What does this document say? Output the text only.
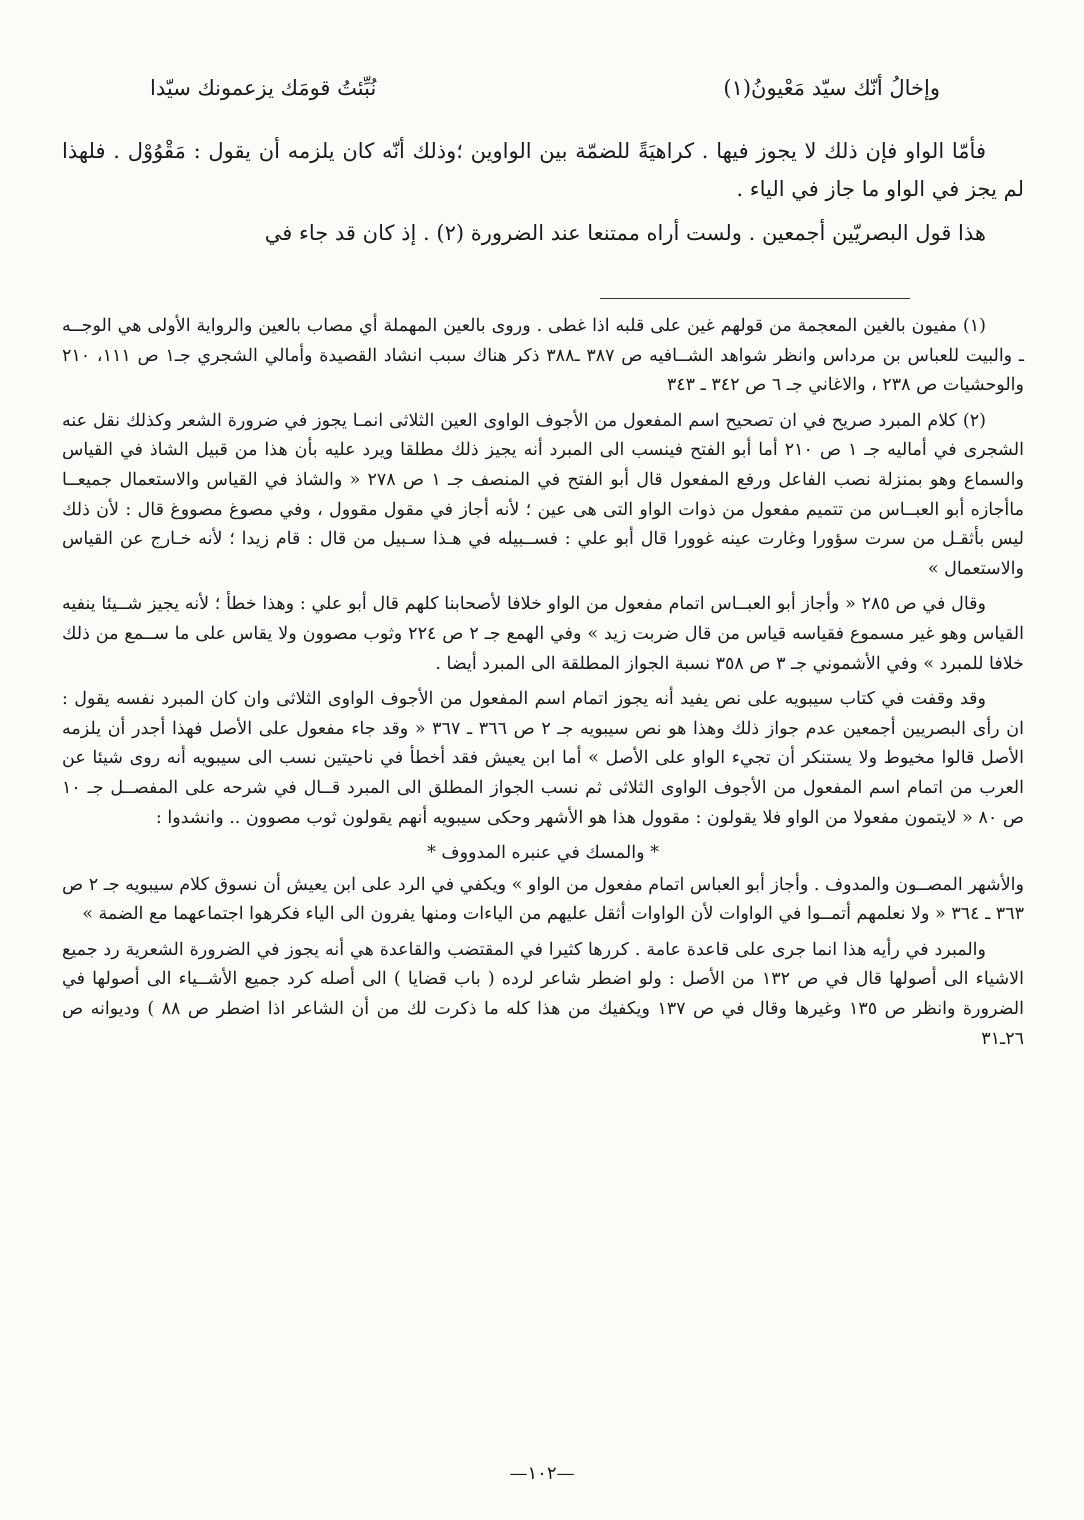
نُبِّئتُ قومَك يزعمونك سيّدا	وإخالُ أنّك سيّد مَعْيونُ(١)

فأمّا الواو فإن ذلك لا يجوز فيها . كراهيَةً للضمّة بين الواوين ؛وذلك أنّه كان يلزمه أن يقول : مَقْوُوْل . فلهذا لم يجز في الواو ما جاز في الياء .

هذا قول البصريّين أجمعين . ولست أراه ممتنعا عند الضرورة (٢) . إذ كان قد جاء في

(١) مفيون بالغين المعجمة من قولهم غين على قلبه اذا غطى . وروى بالعين المهملة أي مصاب بالعين والرواية الأولى هي الوجــه ـ والبيت للعباس بن مرداس وانظر شواهد الشــافيه ص ٣٨٧ ـ٣٨٨ ذكر هناك سبب انشاد القصيدة وأمالي الشجري جـ١ ص ١١١، ٢١٠ والوحشيات ص ٢٣٨ ، والاغاني جـ ٦ ص ٣٤٢ ـ ٣٤٣

(٢) كلام المبرد صريح في ان تصحيح اسم المفعول من الأجوف الواوى العين الثلاثى انمـا يجوز في ضرورة الشعر وكذلك نقل عنه الشجرى في أماليه جـ ١ ص ٢١٠ أما أبو الفتح فينسب الى المبرد أنه يجيز ذلك مطلقا ويرد عليه بأن هذا من قبيل الشاذ في القياس والسماع وهو بمنزلة نصب الفاعل ورفع المفعول قال أبو الفتح في المنصف جـ ١ ص ٢٧٨ « والشاذ في القياس والاستعمال جميعــا ماأجازه أبو العبــاس من تتميم مفعول من ذوات الواو التى هى عين ؛ لأنه أجاز في مقول مقوول ، وفي مصوغ مصووغ قال : لأن ذلك ليس بأثقـل من سرت سؤورا وغارت عينه غوورا قال أبو علي : فســبيله في هـذا سـبيل من قال : قام زيدا ؛ لأنه خـارج عن القياس والاستعمال »

وقال في ص ٢٨٥ « وأجاز أبو العبــاس اتمام مفعول من الواو خلافا لأصحابنا كلهم قال أبو علي : وهذا خطأ ؛ لأنه يجيز شــيئا ينفيه القياس وهو غير مسموع فقياسه قياس من قال ضربت زيد » وفي الهمع جـ ٢ ص ٢٢٤ وثوب مصوون ولا يقاس على ما ســمع من ذلك خلافا للمبرد » وفي الأشموني جـ ٣ ص ٣٥٨ نسبة الجواز المطلقة الى المبرد أيضا .

وقد وقفت في كتاب سيبويه على نص يفيد أنه يجوز اتمام اسم المفعول من الأجوف الواوى الثلاثى وان كان المبرد نفسه يقول : ان رأى البصريين أجمعين عدم جواز ذلك وهذا هو نص سيبويه جـ ٢ ص ٣٦٦ ـ ٣٦٧ « وقد جاء مفعول على الأصل فهذا أجدر أن يلزمه الأصل قالوا مخيوط ولا يستنكر أن تجيء الواو على الأصل » أما ابن يعيش فقد أخطأ في ناحيتين نسب الى سيبويه أنه روى شيئا عن العرب من اتمام اسم المفعول من الأجوف الواوى الثلاثى ثم نسب الجواز المطلق الى المبرد قــال في شرحه على المفصــل جـ ١٠ ص ٨٠ « لايتمون مفعولا من الواو فلا يقولون : مقوول هذا هو الأشهر وحكى سيبويه أنهم يقولون ثوب مصوون .. وانشدوا :

* والمسك في عنبره المدووف *

والأشهر المصــون والمدوف . وأجاز أبو العباس اتمام مفعول من الواو » ويكفي في الرد على ابن يعيش أن نسوق كلام سيبويه جـ ٢ ص ٣٦٣ ـ ٣٦٤ « ولا نعلمهم أتمــوا في الواوات لأن الواوات أثقل عليهم من الياءات ومنها يفرون الى الياء فكرهوا اجتماعهما مع الضمة »

والمبرد في رأيه هذا انما جرى على قاعدة عامة . كررها كثيرا في المقتضب والقاعدة هي أنه يجوز في الضرورة الشعرية رد جميع الاشياء الى أصولها قال في ص ١٣٢ من الأصل : ولو اضطر شاعر لرده ( باب قضايا ) الى أصله كرد جميع الأشــياء الى أصولها في الضرورة وانظر ص ١٣٥ وغيرها وقال في ص ١٣٧ ويكفيك من هذا كله ما ذكرت لك من أن الشاعر اذا اضطر ص ٨٨ ) وديوانه ص ٢٦ـ٣١

—١٠٢—
